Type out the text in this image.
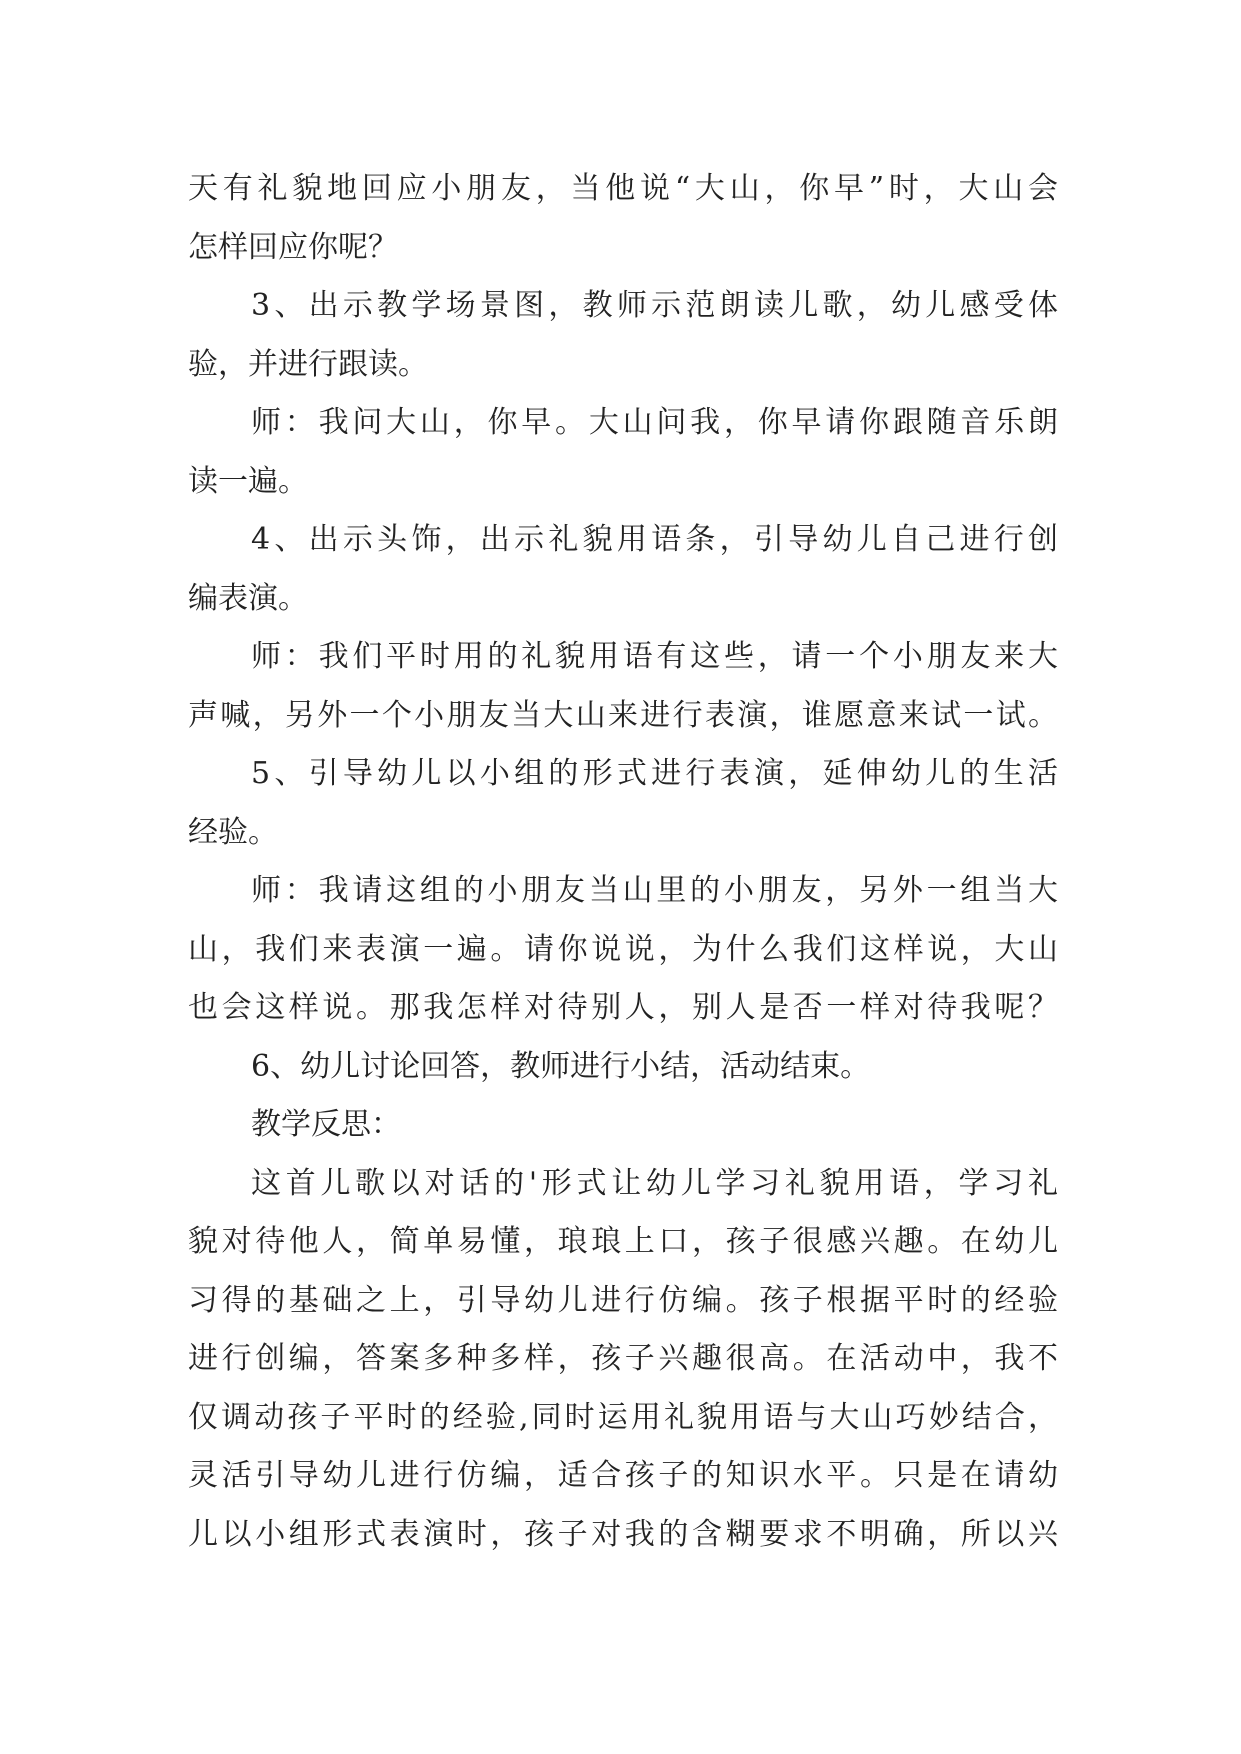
天有礼貌地回应小朋友，当他说“大山，你早”时，大山会
怎样回应你呢？
3、出示教学场景图，教师示范朗读儿歌，幼儿感受体
验，并进行跟读。
师：我问大山，你早。大山问我，你早请你跟随音乐朗
读一遍。
4、出示头饰，出示礼貌用语条，引导幼儿自己进行创
编表演。
师：我们平时用的礼貌用语有这些，请一个小朋友来大
声喊，另外一个小朋友当大山来进行表演，谁愿意来试一试。
5、引导幼儿以小组的形式进行表演，延伸幼儿的生活
经验。
师：我请这组的小朋友当山里的小朋友，另外一组当大
山，我们来表演一遍。请你说说，为什么我们这样说，大山
也会这样说。那我怎样对待别人，别人是否一样对待我呢？
6、幼儿讨论回答，教师进行小结，活动结束。
教学反思：
这首儿歌以对话的'形式让幼儿学习礼貌用语，学习礼
貌对待他人，简单易懂，琅琅上口，孩子很感兴趣。在幼儿
习得的基础之上，引导幼儿进行仿编。孩子根据平时的经验
进行创编，答案多种多样，孩子兴趣很高。在活动中，我不
仅调动孩子平时的经验,同时运用礼貌用语与大山巧妙结合，
灵活引导幼儿进行仿编，适合孩子的知识水平。只是在请幼
儿以小组形式表演时，孩子对我的含糊要求不明确，所以兴
